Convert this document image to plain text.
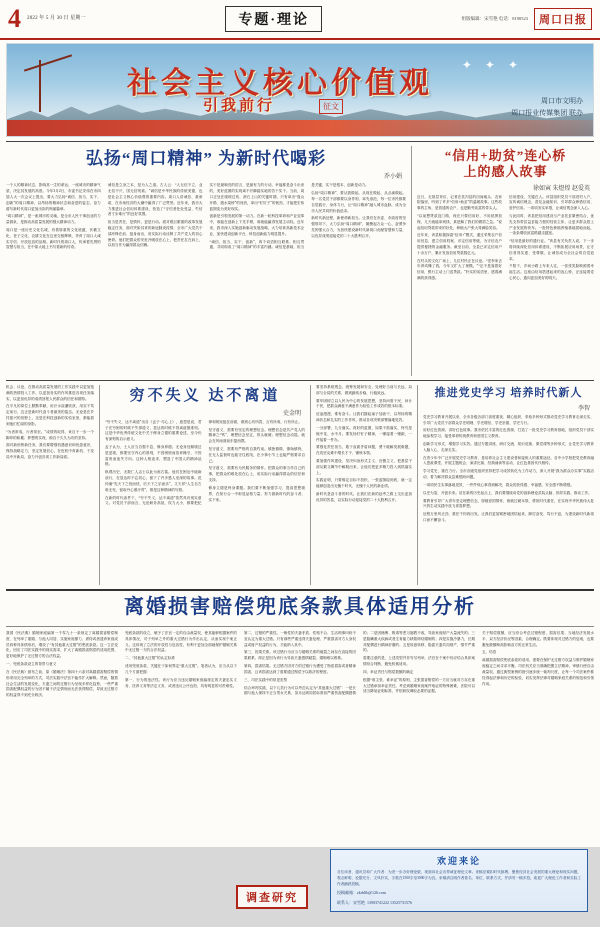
4 2022 年 5 月 30 日 星期一	专题·理论	组版编辑：宋雪艳 电话：8190523	周口日报
✦ ✦ ✦
社会主义核心价值观
引我前行	征文
周口市文明办
周口报业传媒集团 联办
弘扬“周口精神” 为新时代喝彩
乔小娟

一个人的精神状态，影响其一生的命运；一座城市的精神气质，决定其发展的高度。今年3月2日，市委书记安伟在市四届人大一次会议上提出，要大力弘扬“诚信、担当、实干、创新”的周口精神，以昂扬的精神状态和奋进的姿态，奋力谱写新时代周口更加出彩的绚丽篇章。

“周口精神”，是一座城市的灵魂，是全市人民干事创业的力量源泉，是推动高质量发展的强大精神动力。

周口是一座历史文化名城，有着厚重的文化底蕴，伏羲文化、老子文化、农耕文化在这里交相辉映，孕育了周口人诚实守信、开放包容的品格。新时代的周口人，传承着先贤的智慧与担当，在中原大地上书写着新的传奇。

诚信是立身之本，是为人之道。古人云：“人无信不立，业无信不兴，国无信则衰。”诚信是中华民族的传统美德，也是社会主义核心价值观的重要内容。周口人讲诚信、重承诺，在市场经济的大潮中赢得了广泛赞誉。近年来，我市大力推进社会信用体系建设，营造了“守信者处处受益、失信者寸步难行”的良好氛围。

担当是责任，是情怀，更是行动。面对艰巨繁重的改革发展稳定任务，面对突如其来的新冠肺炎疫情，全市广大党员干部冲锋在前、挺身而出，用实际行动诠释了共产党人的初心使命。他们把群众的安危冷暖放在心上，把责任扛在肩上，以担当作为赢得群众信赖。

实干是最响亮的语言，是最有力的行动。幸福都是奋斗出来的，美好蓝图的实现离不开脚踏实地的苦干实干。当前，周口正处在爬坡过坎、滚石上山的关键时期，只有拿出“逢山开路、遇水架桥”的闯劲，拿出“钉钉子”的韧劲，才能把宏伟蓝图变为美好现实。

创新是引领发展的第一动力。在新一轮科技革命和产业变革中，谁能在创新上下先手棋，谁就能赢得发展主动权。近年来，我市深入实施创新驱动发展战略，大力培育高新技术企业，加快建设创新平台，科技创新能力明显提升。

“诚信、担当、实干、创新”，四个词语相互联系、相互贯通，共同构成了“周口精神”的丰富内涵。诚信是基础，担当是关键，实干是根本，创新是动力。

弘扬“周口精神”，要从我做起、从现在做起、从点滴做起。每一名党员干部都要以身作则、率先垂范，每一位市民都要自觉践行、身体力行，让“周口精神”融入城市血脉，成为全市人民共同的价值追求。

新时代新征程，新使命新担当。让我们在市委、市政府的坚强领导下，大力弘扬“周口精神”，凝聚起万众一心、奋勇争先的强大合力，为加快建设新时代新周口贡献智慧和力量，以优异成绩迎接党的二十大胜利召开。

“信用+助贫”连心桥
上的感人故事
徐如寅 朱煜煌 赵爱英

近日，走基层采访，记者在扶沟县的田间地头、农家院落里，听到了许多“信用+助贫”的温暖故事。这些故事的主角，是普通的农户，也是勤劳致富的带头人。

“以前想贷款没门路，现在只要信用好，不用抵押担保，几天就能拿到钱，真是解了我们的燃眉之急。”说起信用贷款带来的好处，种植大户张大哥满脸笑容。

近年来，该县积极探索“信用+”模式，通过采集农户信用信息，建立信用档案，评定信用等级，为守信农户提供便捷的金融服务。截至目前，全县已评定信用户十余万户，累计发放信用贷款数亿元。

在村头的文化广场上，几位村民正在议论。“老李家去年养鸡赚了钱，今年又扩大了规模。”“还不是靠着好信用，银行主动上门送贷款。”朴实的话语里，透着满满的获得感。

信用建设，关键在人。该县组织党员干部进村入户，宣传诚信理念，普及金融知识，引导群众珍惜信用、爱护信用。一项项务实举措，让诚信观念深入人心。

与此同时，该县把信用建设与产业扶贫紧密结合，优先支持带贫益贫能力强的经营主体，让更多群众搭上产业发展的快车。一批特色种植养殖基地拔地而起，一条条增收致富路越走越宽。

“信用是最好的通行证。”该县有关负责人说，下一步将持续深化信用体系建设，不断拓展应用场景，让守信者得实惠、受尊敬，让诚信成为全社会的自觉追求。

夕阳下，乡间小路上车来人往，一张张笑脸映照着幸福生活。这座由信用搭建起来的连心桥，正连接着党心民心，通向更加美好的明天。

机会、议论，在推动高质量发展的工作实践中以更加饱满的热情投入工作，以更加务实的作风推进各项任务落实，以更加优异的成绩回报人民群众的信任和期待。

在平凡的岗位上默默奉献，用汗水浇灌收获，用实干笃定前行，这正是新时代奋斗者最美的姿态。无论是在乡村振兴的田野上，还是在科技创新的实验室里，都能看到他们忙碌的身影。

“为者常成，行者常至。”成绩的取得，来自于一步一个脚印的积累；梦想的实现，源自于久久为功的坚持。

面对新形势新任务，我们要增强机遇意识和忧患意识，保持战略定力，坚定发展信心，在危机中育新机、于变局中开新局，奋力开创各项工作新局面。

穷不失义 达不离道
史金明

“穷不失义，达不离道”出自《孟子·尽心上》，意思是说，君子在穷困的时候不失掉道义，显达的时候不背离道德准则。这是中华优秀传统文化中关于修身立德的重要论述，至今仍有深刻的启示意义。

孟子认为，士人应当自强不息、修身养德。无论身处顺境还是逆境，都要坚守内心的准则，不因困顿而放弃操守，不因富贵而迷失方向。这种人格追求，塑造了中国人的精神品格。

纵观历史，无数仁人志士以此为座右铭。他们在困厄中砥砺前行，在显达时不忘初心，留下了许多感人至深的故事。范仲淹“先天下之忧而忧，后天下之乐而乐”，文天祥“人生自古谁无死，留取丹心照汗青”，都是这种精神的写照。

在新的时代条件下，“穷不失义，达不离道”依然具有现实意义。对党员干部而言，无论职务高低、权力大小，都要把纪律和规矩挺在前面，做到心有所畏、言有所戒、行有所止。

坚守道义，需要有坚定的理想信念。理想信念是共产党人的精神之“钙”，理想信念坚定，骨头就硬；理想信念动摇，就会在风雨面前东摇西摆。

坚守道义，需要有严格的自我约束。慎独慎微、慎始慎终，在无人监督时也能守住底线，在小事小节上也能严格要求自己。

坚守道义，需要有为民服务的情怀。把群众的事当作自己的事，把群众的难处放在心上，用实际行动赢得群众的信任和支持。

修身立德是终身课题。我们要不断加强学习，提高思想境界，在知行合一中彰显品格力量，努力做新时代的奋斗者、实干家。

要坚持系统观念，统筹发展和安全，处理好当前与长远、局部与全局的关系，做到蹄疾步稳、行稳致远。

要牢固树立以人民为中心的发展思想，坚持问需于民、问计于民，把群众满意不满意作为检验工作成效的根本标准。

征途漫漫，惟有奋斗。让我们撸起袖子加油干，以昂扬的精神状态和扎实的工作作风，推动各项决策部署落地见效。

一分部署，九分落实。再好的蓝图，如果不抓落实，终究是镜中花、水中月。要发扬钉钉子精神，一锤接着一锤敲，一件接着一件办。

要强化责任担当，敢于直面矛盾问题，勇于破解发展难题，在攻坚克难中增长才干、锤炼本领。

要加强作风建设，坚决纠治形式主义、官僚主义，把基层干部从繁文缛节中解脱出来，让他们把更多精力投入到抓落实上。

实践证明，只要锚定目标不放松，一张蓝图绘到底，就一定能够创造出无愧于时代、无愧于人民的新业绩。

新时代是奋斗者的时代。让我们在新的赶考之路上交出更加优异的答卷，以实际行动迎接党的二十大胜利召开。

推进党史学习 培养时代新人
李智

党史学习教育开展以来，全市各级各部门高度重视、精心组织，采取多种形式推动党史学习教育走深走实，引导广大党员干部群众学史明理、学史增信、学史崇德、学史力行。

用好红色资源，讲好红色故事。我市依托丰富的红色资源，打造了一批党史学习教育基地，组织党员干部实地参观学习，接受革命传统教育和爱国主义教育。

创新学习形式，增强学习实效。通过专题讲座、研讨交流、知识竞赛、微党课等多种形式，让党史学习教育入脑入心、走深走实。

在青少年中广泛开展党史学习教育，是培养社会主义建设者和接班人的重要途径。各中小学校把党史教育融入思政课堂，开展主题班会、演讲比赛、经典诵读等活动，让红色基因代代相传。

学习党史，重在力行。全市各级党组织坚持把学习成效转化为工作动力，深入开展“我为群众办实事”实践活动，着力解决群众急难愁盼问题。

一项项民生实事落地见效，一件件烦心事得到解决，群众的获得感、幸福感、安全感不断增强。

以史为鉴，开创未来。站在新的历史起点上，我们要继续用党的创新理论武装头脑、指导实践、推动工作。

要教育引导广大青年坚定理想信念，厚植爱国情怀，练就过硬本领，勇担时代重任，在实现中华民族伟大复兴的生动实践中放飞青春梦想。

征程万里风正劲，重任千钧再出发。让我们更加紧密地团结起来，踔厉奋发、笃行不怠，为建设新时代新周口而不懈奋斗。

离婚损害赔偿兜底条款具体适用分析

我国《民法典》婚姻家庭编第一千零九十一条规定了离婚损害赔偿制度，在列举了重婚、与他人同居、实施家庭暴力、虐待或者遗弃家庭成员四种具体情形后，增设了“有其他重大过错”的兜底条款。这一立法变化，回应了司法实践中的现实需求，扩大了离婚损害赔偿的适用范围，更好地保护了无过错方的合法权益。

一、兜底条款设立的背景与意义

在《民法典》颁布之前，原《婚姻法》第四十六条对离婚损害赔偿的情形采用完全列举的方式，司法实践中法官不能作扩大解释。然而，随着社会生活的发展变化，夫妻之间的过错行为呈现多样化趋势，一些严重损害配偶权益的行为因不属于法定情形而无法获得赔偿，导致无过错方的权益得不到充分救济。

兜底条款的设立，赋予了法官一定的自由裁量权，使其能够根据案件的具体情况，对于列举之外的重大过错行为作出认定，从而实现个案正义。这体现了立法的开放性与包容性，有利于更加全面地保护婚姻关系中无过错一方的合法权益。

二、“其他重大过错”的认定标准

适用兜底条款，关键在于如何界定“重大过错”。笔者认为，应当从以下几个方面把握：

第一，行为的违法性。该行为应当违反婚姻家庭编规定的夫妻忠实义务、扶养义务等法定义务，或者违反公序良俗，具有明显的可责难性。

第二，过错的严重性。一般性的夫妻矛盾、性格不合、生活琐事纠纷不宜认定为重大过错。只有那些严重违背夫妻伦理、严重损害对方人身权益或财产权益的行为，才能纳入其中。

第三，因果关系。该过错行为应当与婚姻关系的破裂之间存在直接的因果联系，即正是因为该行为导致夫妻感情破裂、婚姻难以维系。

第四，损害结果。无过错方因对方的过错行为遭受了物质损害或者精神损害，且该损害达到了需要通过赔偿予以救济的程度。

三、司法实践中的常见类型

结合审判实践，以下几类行为可以考虑认定为“其他重大过错”：一是长期与他人保持不正当男女关系，虽未达到同居标准但严重伤害配偶感情的；二是因赌博、吸毒等恶习屡教不改，导致家庭财产大量流失的；三是隐瞒重大疾病或者生育能力缺陷缔结婚姻的；四是实施冷暴力，长期对配偶进行精神折磨的；五是故意转移、隐匿夫妻共同财产，情节严重的。

需要注意的是，上述类型并非穷尽列举，法官在个案中仍应结合具体案情综合判断，避免机械适用。

四、举证责任与赔偿数额的确定

根据“谁主张、谁举证”的原则，主张损害赔偿的一方应当就对方存在重大过错承担举证责任。考虑到婚姻家庭案件取证的特殊困难，法院可以适当降低证明标准，并依职权调取必要的证据。

关于赔偿数额，应当综合考虑过错程度、损害后果、当地经济发展水平、双方经济状况等因素，合理确定。既要体现对过错方的惩戒，也要避免数额畸高影响双方的正常生活。

五、结语

离婚损害赔偿兜底条款的适用，需要在保护无过错方权益与维护婚姻家庭稳定之间寻求平衡。司法机关应当准确把握立法精神，审慎行使自由裁量权，通过典型案例的指引逐步统一裁判尺度，让每一个司法案件都经得起法律和历史的检验，切实发挥法律对婚姻家庭关系的规范和引领作用。

欢迎来论
各位读者、通讯员和广大作者：为进一步办好理论版，现面向社会各界诚征理论文章。来稿应紧扣时代脉搏，聚焦经济社会发展的重大理论和现实问题，观点鲜明、论据充分、文风朴实，字数在1500字至3000字为宜。来稿请注明作者姓名、单位、联系方式，并请勿一稿多投。欢迎广大理论工作者和实际工作者踊跃投稿。
投稿邮箱：zkrbllb@126.com
联系人：宋雪艳 13903741222 13525731576
调查研究
